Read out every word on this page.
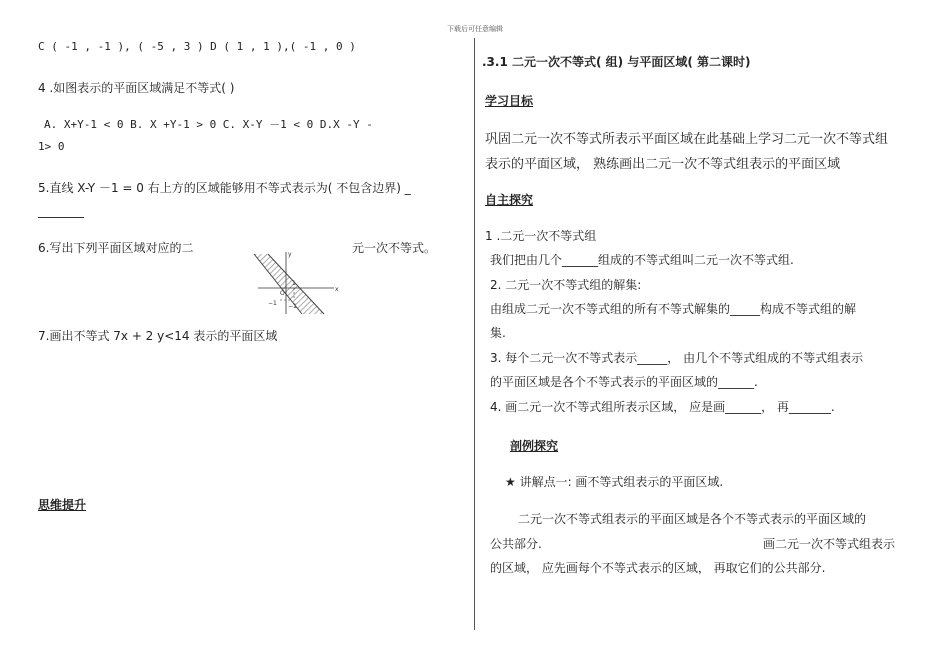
下载后可任意编辑
C ( -1 , -1 ), ( -5 , 3 ) D ( 1 , 1 ),( -1 , 0 )
4 .如图表示的平面区域满足不等式( )
A. X+Y-1 < 0 B. X +Y-1 > 0 C. X-Y －1 < 0 D.X -Y -
1> 0
5.直线 X-Y －1 = 0 右上方的区域能够用不等式表示为( 不包含边界) _
6.写出下列平面区域对应的二	元一次不等式。
x
y
−1
1
−1
O
7.画出不等式 7x + 2 y<14 表示的平面区域
思维提升
.3.1 二元一次不等式( 组) 与平面区域( 第二课时)
学习目标
巩固二元一次不等式所表示平面区域在此基础上学习二元一次不等式组
表示的平面区域， 熟练画出二元一次不等式组表示的平面区域
自主探究
1 .二元一次不等式组
我们把由几个______组成的不等式组叫二元一次不等式组.
2. 二元一次不等式组的解集:
由组成二元一次不等式组的所有不等式解集的_____构成不等式组的解
集.
3. 每个二元一次不等式表示_____， 由几个不等式组成的不等式组表示
的平面区域是各个不等式表示的平面区域的______.
4. 画二元一次不等式组所表示区域， 应是画______， 再_______.
剖例探究
★ 讲解点一: 画不等式组表示的平面区域.
二元一次不等式组表示的平面区域是各个不等式表示的平面区域的
公共部分.	画二元一次不等式组表示
的区域， 应先画每个不等式表示的区域， 再取它们的公共部分.
